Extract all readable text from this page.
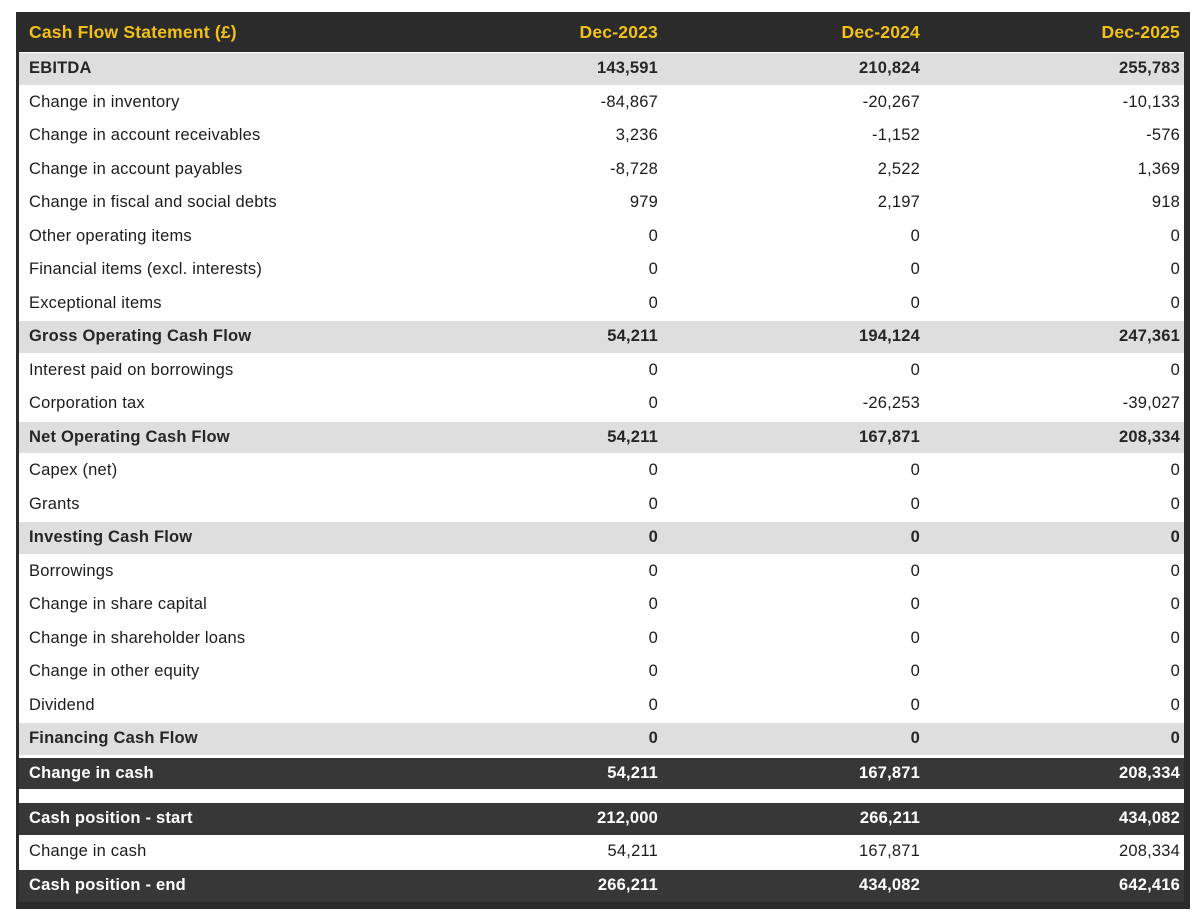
Cash Flow Statement (£)	Dec-2023	Dec-2024	Dec-2025
EBITDA	143,591	210,824	255,783
Change in inventory	-84,867	-20,267	-10,133
Change in account receivables	3,236	-1,152	-576
Change in account payables	-8,728	2,522	1,369
Change in fiscal and social debts	979	2,197	918
Other operating items	0	0	0
Financial items (excl. interests)	0	0	0
Exceptional items	0	0	0
Gross Operating Cash Flow	54,211	194,124	247,361
Interest paid on borrowings	0	0	0
Corporation tax	0	-26,253	-39,027
Net Operating Cash Flow	54,211	167,871	208,334
Capex (net)	0	0	0
Grants	0	0	0
Investing Cash Flow	0	0	0
Borrowings	0	0	0
Change in share capital	0	0	0
Change in shareholder loans	0	0	0
Change in other equity	0	0	0
Dividend	0	0	0
Financing Cash Flow	0	0	0
Change in cash	54,211	167,871	208,334
Cash position - start	212,000	266,211	434,082
Change in cash	54,211	167,871	208,334
Cash position - end	266,211	434,082	642,416
